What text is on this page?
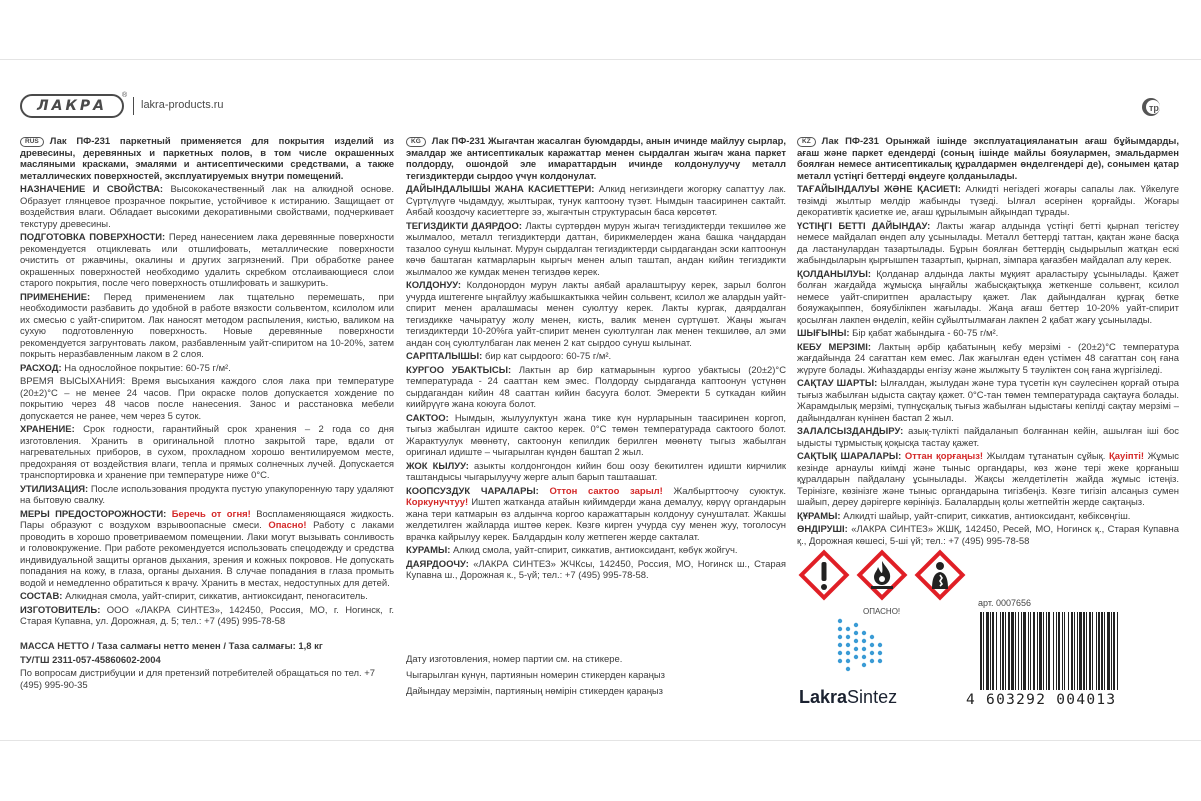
ЛАКРА
®
lakra-products.ru	тр

RUS Лак ПФ-231 паркетный применяется для покрытия изделий из древесины, деревянных и паркетных полов, в том числе окрашенных масляными красками, эмалями и антисептическими средствами, а также металлических поверхностей, эксплуатируемых внутри помещений.

НАЗНАЧЕНИЕ И СВОЙСТВА: Высококачественный лак на алкидной основе. Образует глянцевое прозрачное покрытие, устойчивое к истиранию. Защищает от воздействия влаги. Обладает высокими декоративными свойствами, подчеркивает текстуру древесины.

ПОДГОТОВКА ПОВЕРХНОСТИ: Перед нанесением лака деревянные поверхности рекомендуется отциклевать или отшлифовать, металлические поверхности очистить от ржавчины, окалины и других загрязнений. При обработке ранее окрашенных поверхностей необходимо удалить скребком отслаивающиеся слои старого покрытия, после чего поверхность отшлифовать и зашкурить.

ПРИМЕНЕНИЕ: Перед применением лак тщательно перемешать, при необходимости разбавить до удобной в работе вязкости сольвентом, ксилолом или их смесью с уайт-спиритом. Лак наносят методом распыления, кистью, валиком на сухую подготовленную поверхность. Новые деревянные поверхности рекомендуется загрунтовать лаком, разбавленным уайт-спиритом на 10-20%, затем покрыть неразбавленным лаком в 2 слоя.

РАСХОД: На однослойное покрытие: 60-75 г/м².

ВРЕМЯ ВЫСЫХАНИЯ: Время высыхания каждого слоя лака при температуре (20±2)°С – не менее 24 часов. При окраске полов допускается хождение по покрытию через 48 часов после нанесения. Занос и расстановка мебели допускается не ранее, чем через 5 суток.

ХРАНЕНИЕ: Срок годности, гарантийный срок хранения – 2 года со дня изготовления. Хранить в оригинальной плотно закрытой таре, вдали от нагревательных приборов, в сухом, прохладном хорошо вентилируемом месте, предохраняя от воздействия влаги, тепла и прямых солнечных лучей. Допускается транспортировка и хранение при температуре ниже 0°С.

УТИЛИЗАЦИЯ: После использования продукта пустую упакупоренную тару удаляют на бытовую свалку.

МЕРЫ ПРЕДОСТОРОЖНОСТИ: Беречь от огня! Воспламеняющаяся жидкость. Пары образуют с воздухом взрывоопасные смеси. Опасно! Работу с лаками проводить в хорошо проветриваемом помещении. Лаки могут вызывать сонливость и головокружение. При работе рекомендуется использовать спецодежду и средства индивидуальной защиты органов дыхания, зрения и кожных покровов. Не допускать попадания на кожу, в глаза, органы дыхания. В случае попадания в глаза промыть водой и немедленно обратиться к врачу. Хранить в местах, недоступных для детей.

СОСТАВ: Алкидная смола, уайт-спирит, сиккатив, антиоксидант, пеногаситель.

ИЗГОТОВИТЕЛЬ: ООО «ЛАКРА СИНТЕЗ», 142450, Россия, МО, г. Ногинск, г. Старая Купавна, ул. Дорожная, д. 5; тел.: +7 (495) 995-78-58

МАССА НЕТТО / Таза салмағы нетто менен / Таза салмағы: 1,8 кг

ТУ/ТШ 2311-057-45860602-2004

По вопросам дистрибуции и для претензий потребителей обращаться по тел. +7 (495) 995-90-35

KG Лак ПФ-231 Жыгачтан жасалган буюмдарды, анын ичинде майлуу сырлар, эмалдар же антисептикалык каражаттар менен сырдалган жыгач жана паркет полдорду, ошондой эле имараттардын ичинде колдонулуучу металл тегиздиктерди сырдоо үчүн колдонулат.

ДАЙЫНДАЛЫШЫ ЖАНА КАСИЕТТЕРИ: Алкид негизиндеги жогорку сапаттуу лак. Сүртүлүүгө чыдамдуу, жылтырак, тунук каптоону түзөт. Нымдын таасиринен сактайт. Аябай кооздочу касиеттерге ээ, жыгачтын структурасын баса көрсөтөт.

ТЕГИЗДИКТИ ДАЯРДОО: Лакты сүртөрдөн мурун жыгач тегиздиктерди текшилөө же жылмалоо, металл тегиздиктерди даттан, бирикмелерден жана башка чаңдардан тазалоо сунуш кылынат. Мурун сырдалган тегиздиктерди сырдагандан эски каптоонун көчө баштаган катмарларын кыргыч менен алып таштап, андан кийин тегиздикти жылмалоо же кумдак менен тегиздөө керек.

КОЛДОНУУ: Колдонордон мурун лакты аябай аралаштыруу керек, зарыл болгон учурда иштегенге ыңгайлуу жабышкактыкка чейин сольвент, ксилол же алардын уайт-спирит менен аралашмасы менен суюлтуу керек. Лакты кургак, даярдалган тегиздикке чачыратуу жолу менен, кисть, валик менен сүртүшөт. Жаңы жыгач тегиздиктерди 10-20%га уайт-спирит менен суюлтулган лак менен текшилөө, ал эми андан соң суюлтулбаган лак менен 2 кат сырдоо сунуш кылынат.

САРПТАЛЫШЫ: бир кат сырдоого: 60-75 г/м².

КУРГОО УБАКТЫСЫ: Лактын ар бир катмарынын кургоо убактысы (20±2)°С температурада - 24 сааттан кем эмес. Полдорду сырдаганда каптоонун үстүнөн сырдагандан кийин 48 сааттан кийин басууга болот. Эмеректи 5 суткадан кийин киийрүүгө жана коюуга болот.

САКТОО: Нымдын, жылуулуктун жана тике күн нурларынын таасиринен коргоп, тыгыз жабылган идиште сактоо керек. 0°С төмөн температурада сактоого болот. Жарактуулук мөөнөтү, сактоонун кепилдик берилген мөөнөтү тыгыз жабылган оригинал идиште – чыгарылган күндөн баштап 2 жыл.

ЖОК КЫЛУУ: азыкты колдонгондон кийин бош оозу бекитилген идишти кирчилик таштандысы чыгарылуучу жерге алып барып таштаашат.

КООПСУЗДУК ЧАРАЛАРЫ: Оттон сактоо зарыл! Жалбырттоочу суюктук. Коркунучтуу! Иштеп жатканда атайын кийимдерди жана демалуу, көрүү органдарын жана тери катмарын өз алдынча коргоо каражаттарын колдонуу сунушталат. Жакшы желдетилген жайларда иштөө керек. Көзгө кирген учурда суу менен жуу, тоголосун врачка кайрылуу керек. Балдардын колу жетпеген жерде сакталат.

КУРАМЫ: Алкид смола, уайт-спирит, сиккатив, антиоксидант, көбүк жойгуч.

ДАЯРДООЧУ: «ЛАКРА СИНТЕЗ» ЖЧКсы, 142450, Россия, МО, Ногинск ш., Старая Купавна ш., Дорожная к., 5-үй; тел.: +7 (495) 995-78-58.

Дату изготовления, номер партии см. на стикере.
Чыгарылган күнүн, партиянын номерин стикерден караңыз
Дайындау мерзімін, партияның нөмірін стикерден қараңыз

KZ Лак ПФ-231 Орынжай ішінде эксплуатацияланатын ағаш бұйымдарды, ағаш және паркет едендерді (соның ішінде майлы бояулармен, эмальдармен боялған немесе антисептикалық құралдармен өнделгендері де), сонымен қатар металл үстіңгі беттерді өңдеуге қолданылады.

ТАҒАЙЫНДАЛУЫ ЖӘНЕ ҚАСИЕТІ: Алкидті негіздегі жоғары сапалы лак. Үйкелуге төзімді жылтыр мөлдір жабынды түзеді. Ылғал әсерінен қорғайды. Жоғары декоративтік қасиетке ие, ағаш құрылымын айқындап тұрады.

ҮСТІҢГІ БЕТТІ ДАЙЫНДАУ: Лакты жағар алдында үстіңгі бетті қырнап тегістеу немесе майдалап өндеп алу ұсынылады. Металл беттерді таттан, қақтан және басқа да ластанулардан тазартылады. Бұрын боялған беттердің сыдырылып жатқан ескі жабындыларын қырғышпен тазартып, қырнап, зімпара қағазбен майдалап алу керек.

ҚОЛДАНЫЛУЫ: Қолданар алдында лакты мұқият араластыру ұсынылады. Қажет болған жағдайда жұмысқа ыңғайлы жабысқақтыққа жеткенше сольвент, ксилол немесе уайт-спиритпен араластыру қажет. Лак дайындалған құрғақ бетке бояужақыппен, бояубілікпен жағылады. Жаңа ағаш беттер 10-20% уайт-спирит қосылған лакпен өнделіп, кейін сұйылтылмаған лакпен 2 қабат жағу ұсынылады.

ШЫҒЫНЫ: Бір қабат жабындыға - 60-75 г/м².

КЕБУ МЕРЗІМІ: Лактың әрбір қабатының кебу мерзімі - (20±2)°С температура жағдайында 24 сағаттан кем емес. Лак жағылған еден үстімен 48 сағаттан соң ғана жүруге болады. Жиһаздарды енгізу және жылжыту 5 тәуліктен соң ғана жүргізіледі.

САҚТАУ ШАРТЫ: Ылғалдан, жылудан және тура түсетін күн сәулесінен қорғай отыра тығыз жабылған ыдыста сақтау қажет. 0°С-тан төмен температурада сақтауға болады. Жарамдылық мерзімі, түпнұсқалық тығыз жабылған ыдыстағы кепілді сақтау мерзімі – дайындалған күнінен бастап 2 жыл.

ЗАЛАЛСЫЗДАНДЫРУ: азық-түлікті пайдаланып болғаннан кейін, ашылған іші бос ыдысты тұрмыстық қоқысқа тастау қажет.

САҚТЫҚ ШАРАЛАРЫ: Оттан қорғаңыз! Жылдам тұтанатын сұйық. Қауіпті! Жұмыс кезінде арнаулы киімді және тыныс органдары, көз және тері жеке қорғаныш құралдарын пайдалану ұсынылады. Жақсы желдетілетін жайда жұмыс істеңіз. Терінізге, көзінізге және тыныс органдарына тигізбеңіз. Көзге тигізіп алсаңыз сумен шайып, дереу дәрігерге көрініңіз. Балалардың қолы жетпейтін жерде сақтаңыз.

ҚҰРАМЫ: Алкидті шайыр, уайт-спирит, сиккатив, антиоксидант, көбіксөңгіш.

ӨНДІРУШІ: «ЛАКРА СИНТЕЗ» ЖШҚ, 142450, Ресей, МО, Ногинск қ., Старая Купавна қ., Дорожная көшесі, 5-ші үй; тел.: +7 (495) 995-78-58

ОПАСНО!
арт. 0007656
LakraSintez	4 603292 004013
